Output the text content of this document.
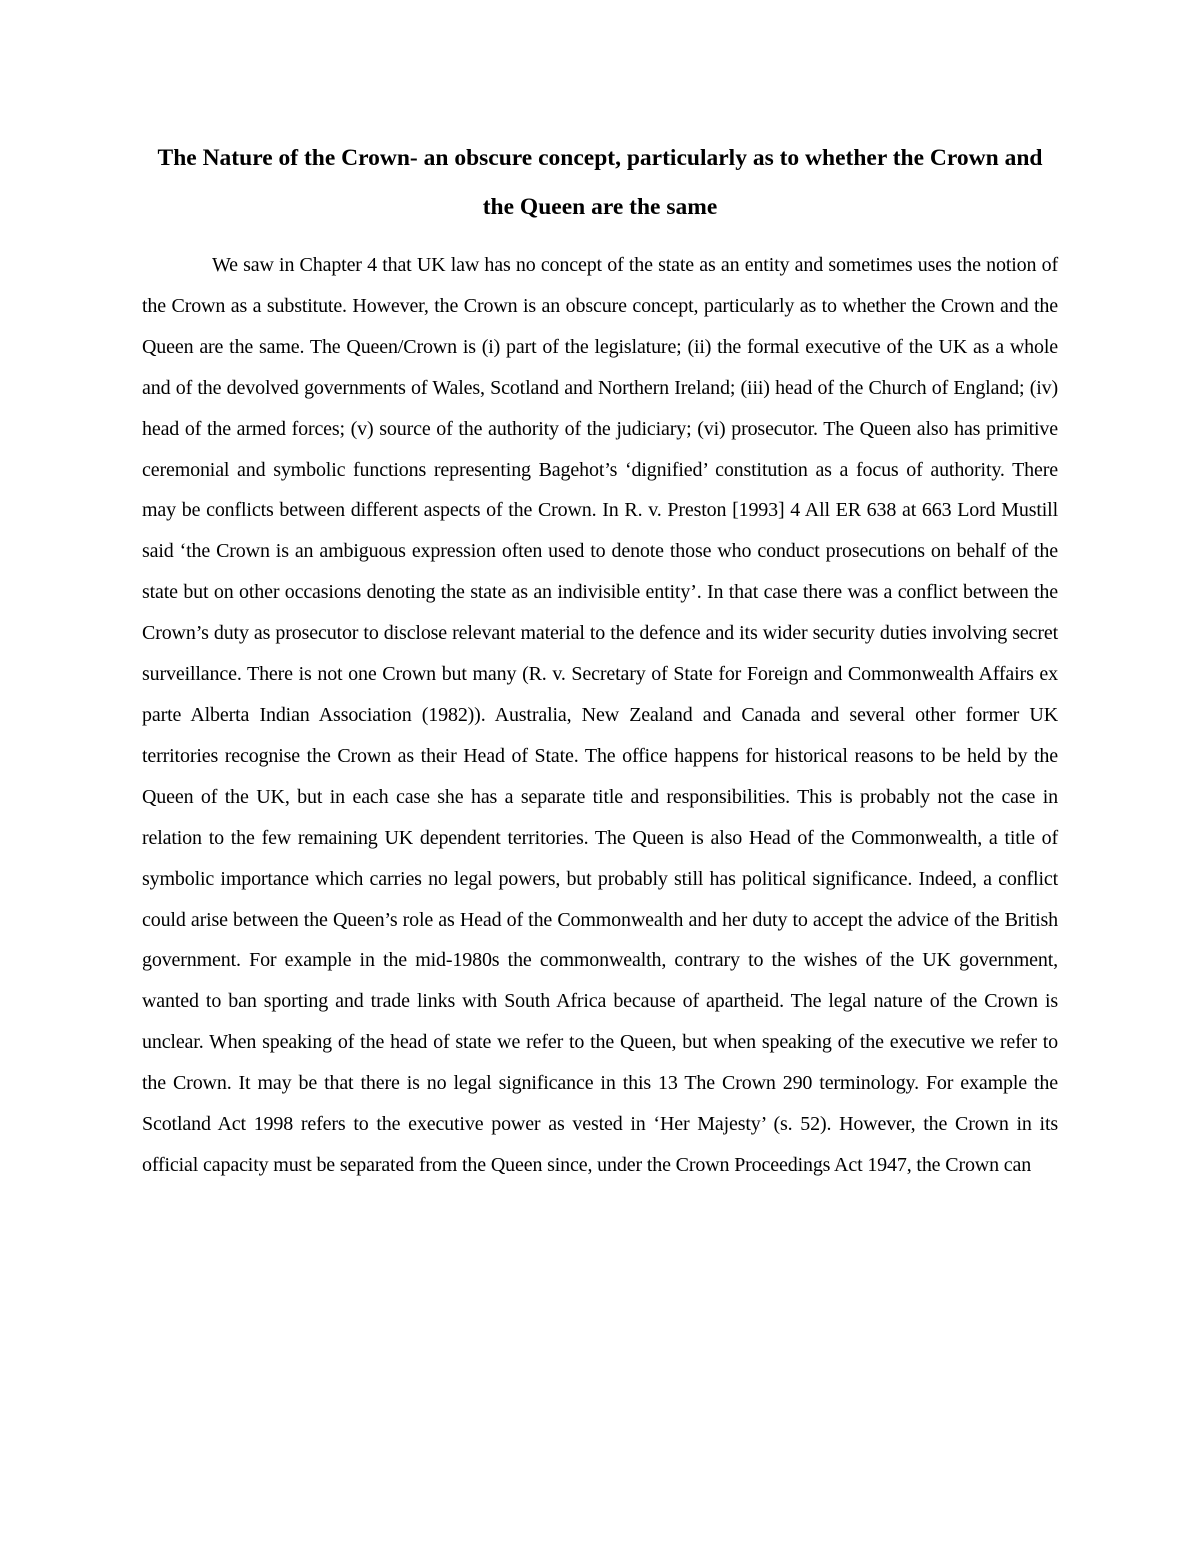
The Nature of the Crown- an obscure concept, particularly as to whether the Crown and the Queen are the same

We saw in Chapter 4 that UK law has no concept of the state as an entity and sometimes uses the notion of the Crown as a substitute. However, the Crown is an obscure concept, particularly as to whether the Crown and the Queen are the same. The Queen/Crown is (i) part of the legislature; (ii) the formal executive of the UK as a whole and of the devolved governments of Wales, Scotland and Northern Ireland; (iii) head of the Church of England; (iv) head of the armed forces; (v) source of the authority of the judiciary; (vi) prosecutor. The Queen also has primitive ceremonial and symbolic functions representing Bagehot’s ‘dignified’ constitution as a focus of authority. There may be conflicts between different aspects of the Crown. In R. v. Preston [1993] 4 All ER 638 at 663 Lord Mustill said ‘the Crown is an ambiguous expression often used to denote those who conduct prosecutions on behalf of the state but on other occasions denoting the state as an indivisible entity’. In that case there was a conflict between the Crown’s duty as prosecutor to disclose relevant material to the defence and its wider security duties involving secret surveillance. There is not one Crown but many (R. v. Secretary of State for Foreign and Commonwealth Affairs ex parte Alberta Indian Association (1982)). Australia, New Zealand and Canada and several other former UK territories recognise the Crown as their Head of State. The office happens for historical reasons to be held by the Queen of the UK, but in each case she has a separate title and responsibilities. This is probably not the case in relation to the few remaining UK dependent territories. The Queen is also Head of the Commonwealth, a title of symbolic importance which carries no legal powers, but probably still has political significance. Indeed, a conflict could arise between the Queen’s role as Head of the Commonwealth and her duty to accept the advice of the British government. For example in the mid-1980s the commonwealth, contrary to the wishes of the UK government, wanted to ban sporting and trade links with South Africa because of apartheid. The legal nature of the Crown is unclear. When speaking of the head of state we refer to the Queen, but when speaking of the executive we refer to the Crown. It may be that there is no legal significance in this 13 The Crown 290 terminology. For example the Scotland Act 1998 refers to the executive power as vested in ‘Her Majesty’ (s. 52). However, the Crown in its official capacity must be separated from the Queen since, under the Crown Proceedings Act 1947, the Crown can
